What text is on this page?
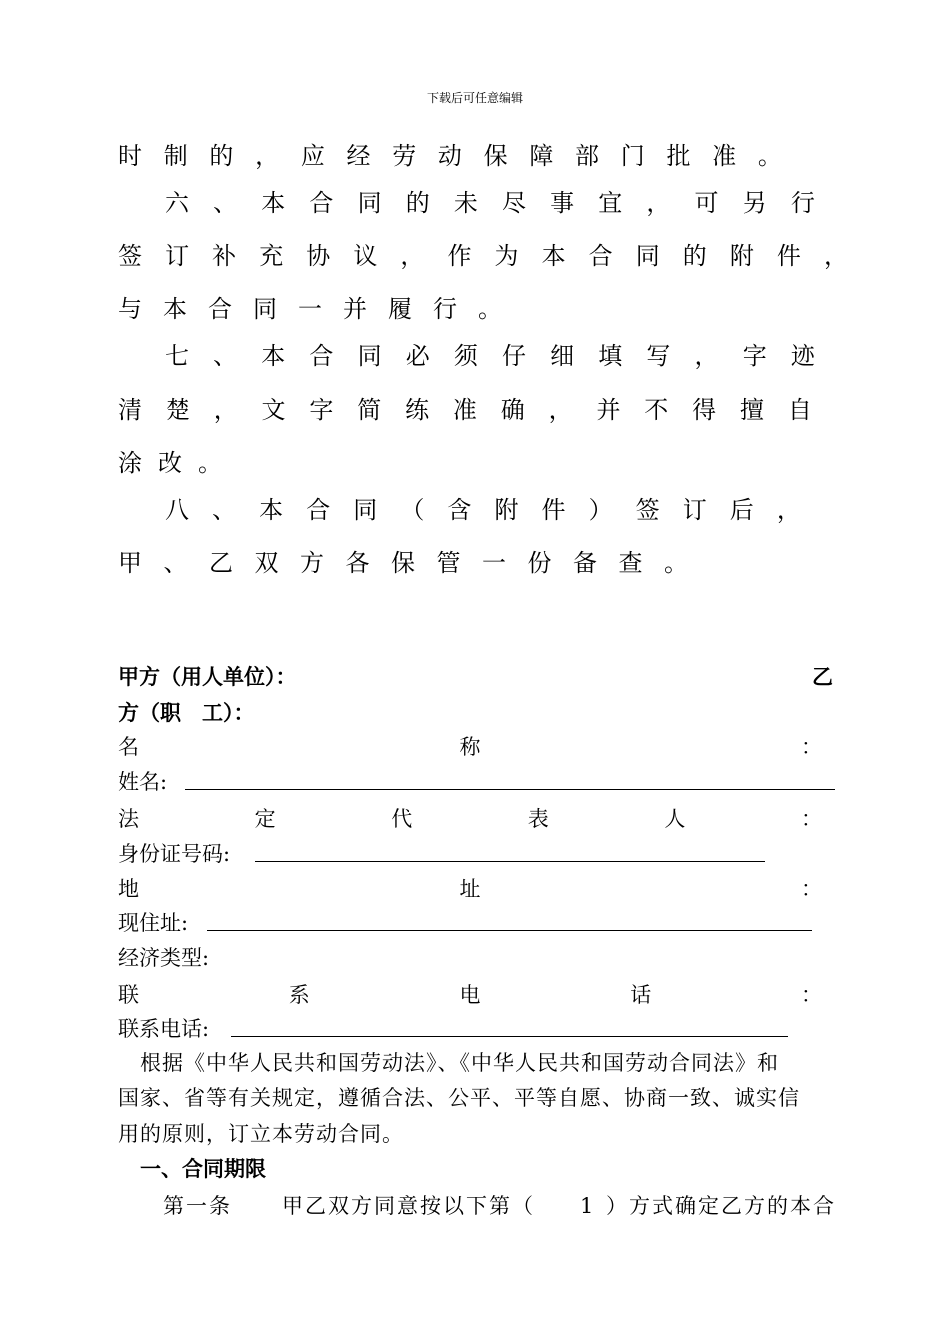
下载后可任意编辑
时 制 的 ， 应 经 劳 动 保 障 部 门 批 准 。
六 、 本 合 同 的 未 尽 事 宜 ， 可 另 行
签 订 补 充 协 议 ， 作 为 本 合 同 的 附 件 ，
与 本 合 同 一 并 履 行 。
七 、 本 合 同 必 须 仔 细 填 写 ， 字 迹
清 楚 ， 文 字 简 练 准 确 ， 并 不 得 擅 自
涂 改 。
八 、 本 合 同 （ 含 附 件 ） 签 订 后 ，
甲 、 乙 双 方 各 保 管 一 份 备 查 。
甲方（用人单位）：	乙
方（职　工）：
名	称	：
姓名:
法	定	代	表	人	：
身份证号码:
地	址	：
现住址:
经济类型:
联	系	电	话	：
联系电话:
根据《中华人民共和国劳动法》、《中华人民共和国劳动合同法》和
国家、省等有关规定，遵循合法、公平、平等自愿、协商一致、诚实信
用的原则，订立本劳动合同。
一、合同期限
第一条 甲乙双方同意按以下第（ 1 ）方式确定乙方的本合
